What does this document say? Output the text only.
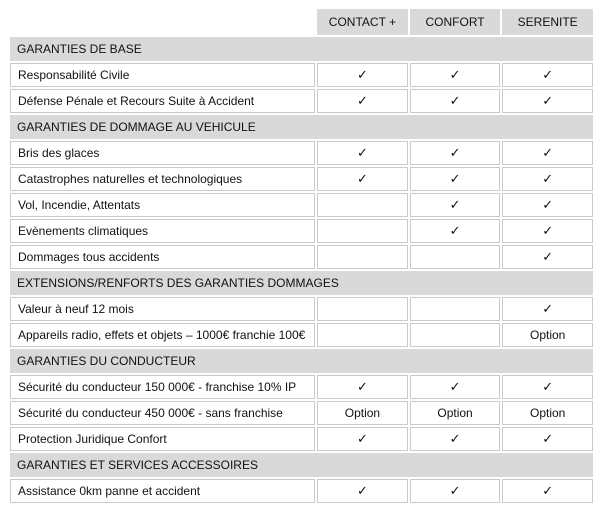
	CONTACT +	CONFORT	SERENITE
GARANTIES DE BASE			
Responsabilité Civile	✓	✓	✓
Défense Pénale et Recours Suite à Accident	✓	✓	✓
GARANTIES DE DOMMAGE AU VEHICULE			
Bris des glaces	✓	✓	✓
Catastrophes naturelles et technologiques	✓	✓	✓
Vol, Incendie, Attentats		✓	✓
Evènements climatiques		✓	✓
Dommages tous accidents			✓
EXTENSIONS/RENFORTS DES GARANTIES DOMMAGES			
Valeur à neuf 12 mois			✓
Appareils radio, effets et objets – 1000€ franchie 100€			Option
GARANTIES DU CONDUCTEUR			
Sécurité du conducteur 150 000€ - franchise 10% IP	✓	✓	✓
Sécurité du conducteur 450 000€ - sans franchise	Option	Option	Option
Protection Juridique Confort	✓	✓	✓
GARANTIES ET SERVICES ACCESSOIRES			
Assistance 0km panne et accident	✓	✓	✓
